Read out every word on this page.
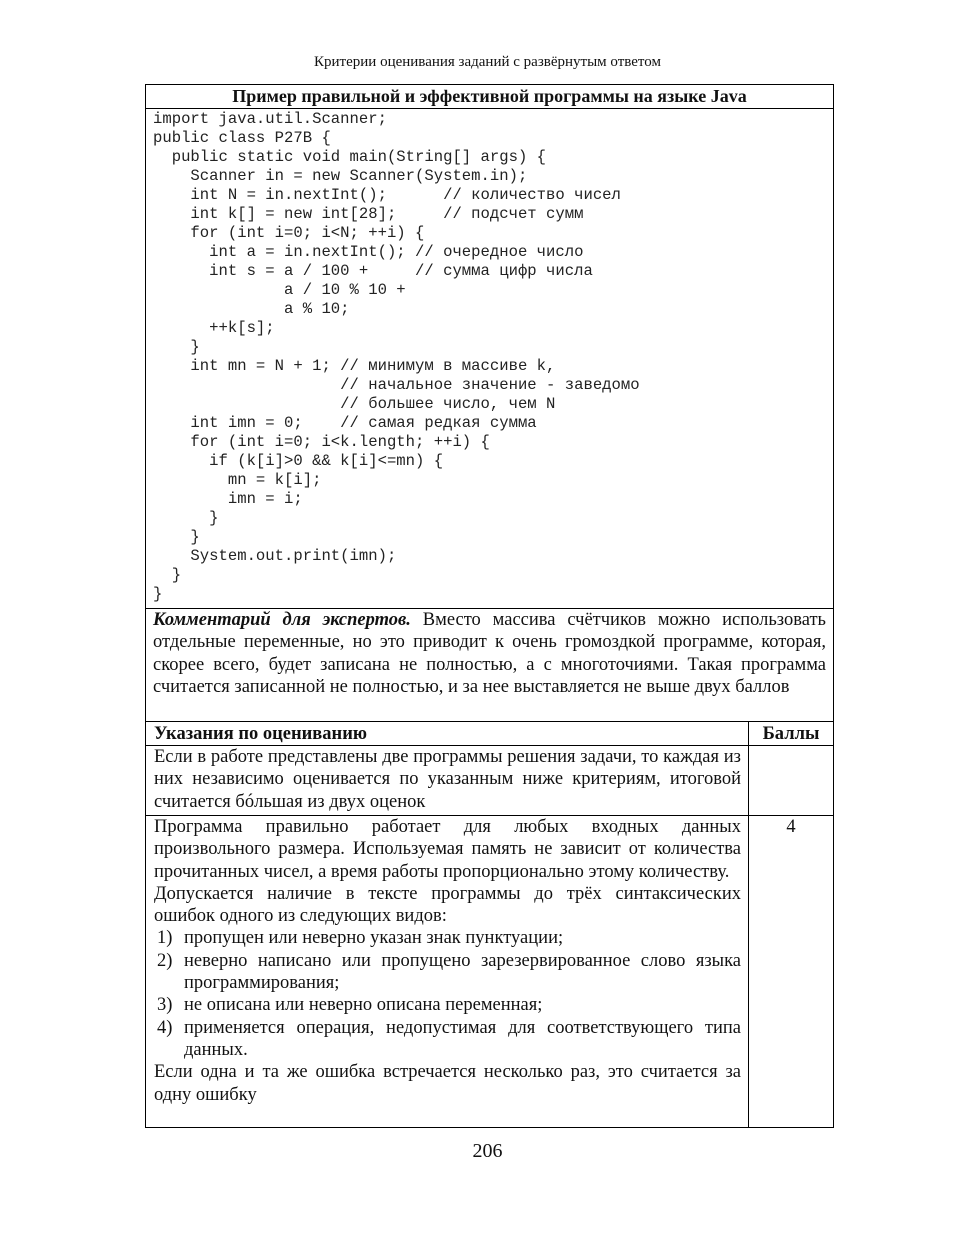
Критерии оценивания заданий с развёрнутым ответом
Пример правильной и эффективной программы на языке Java
import java.util.Scanner;
public class P27B {
public static void main(String[] args) {
Scanner in = new Scanner(System.in);
int N = in.nextInt();      // количество чисел
int k[] = new int[28];     // подсчет сумм
for (int i=0; i<N; ++i) {
int a = in.nextInt(); // очередное число
int s = a / 100 +     // сумма цифр числа
a / 10 % 10 +
a % 10;
++k[s];
}
int mn = N + 1; // минимум в массиве k,
// начальное значение - заведомо
// большее число, чем N
int imn = 0;    // самая редкая сумма
for (int i=0; i<k.length; ++i) {
if (k[i]>0 && k[i]<=mn) {
mn = k[i];
imn = i;
}
}
System.out.print(imn);
}
}
Комментарий для экспертов. Вместо массива счётчиков можно использовать отдельные переменные, но это приводит к очень громоздкой программе, которая, скорее всего, будет записана не полностью, а с многоточиями. Такая программа считается записанной не полностью, и за нее выставляется не выше двух баллов
Указания по оцениванию	Баллы
Если в работе представлены две программы решения задачи, то каждая из них независимо оценивается по указанным ниже критериям, итоговой считается бóльшая из двух оценок
Программа правильно работает для любых входных данных произвольного размера. Используемая память не зависит от количества прочитанных чисел, а время работы пропорционально этому количеству.
Допускается наличие в тексте программы до трёх синтаксических ошибок одного из следующих видов:
1) пропущен или неверно указан знак пунктуации;
2) неверно написано или пропущено зарезервированное слово языка программирования;
3) не описана или неверно описана переменная;
4) применяется операция, недопустимая для соответствующего типа данных.
Если одна и та же ошибка встречается несколько раз, это считается за одну ошибку
4
206
